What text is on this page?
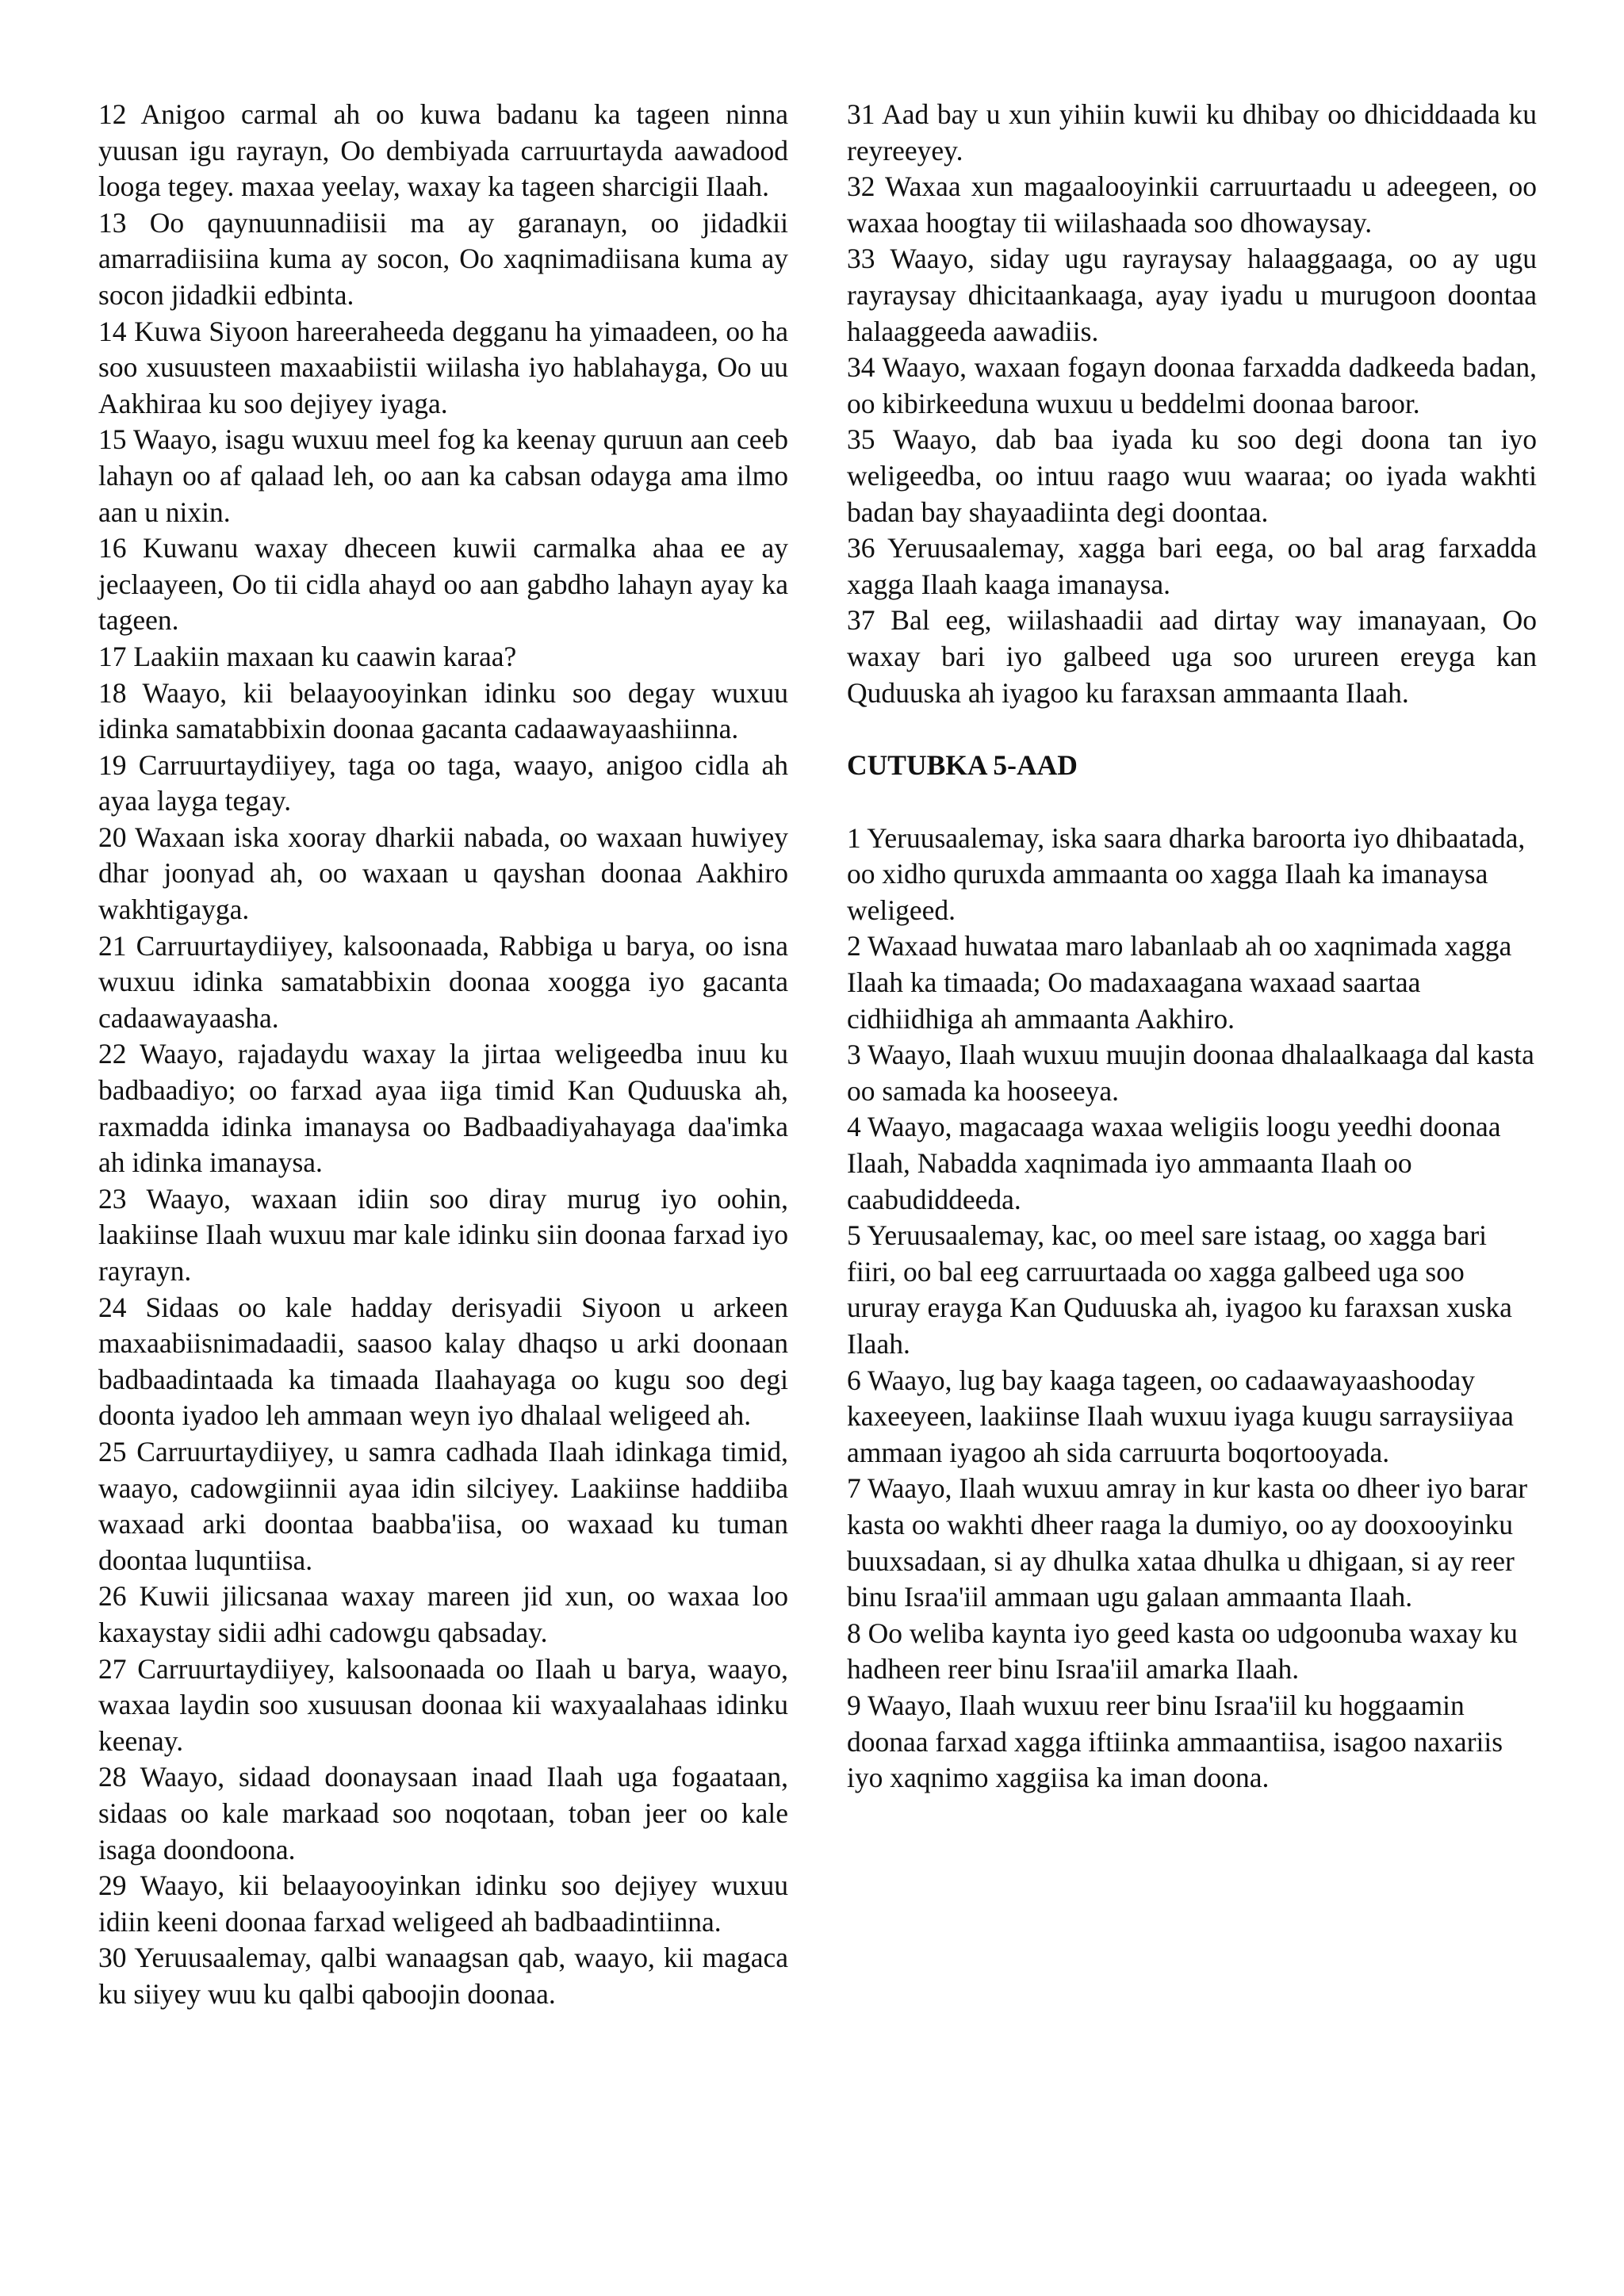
12 Anigoo carmal ah oo kuwa badanu ka tageen ninna yuusan igu rayrayn, Oo dembiyada carruurtayda aawadood looga tegey. maxaa yeelay, waxay ka tageen sharcigii Ilaah.

13 Oo qaynuunnadiisii ma ay garanayn, oo jidadkii amarradiisiina kuma ay socon, Oo xaqnimadiisana kuma ay socon jidadkii edbinta.

14 Kuwa Siyoon hareeraheeda degganu ha yimaadeen, oo ha soo xusuusteen maxaabiistii wiilasha iyo hablahayga, Oo uu Aakhiraa ku soo dejiyey iyaga.

15 Waayo, isagu wuxuu meel fog ka keenay quruun aan ceeb lahayn oo af qalaad leh, oo aan ka cabsan odayga ama ilmo aan u nixin.

16 Kuwanu waxay dheceen kuwii carmalka ahaa ee ay jeclaayeen, Oo tii cidla ahayd oo aan gabdho lahayn ayay ka tageen.

17 Laakiin maxaan ku caawin karaa?

18 Waayo, kii belaayooyinkan idinku soo degay wuxuu idinka samatabbixin doonaa gacanta cadaawayaashiinna.

19 Carruurtaydiiyey, taga oo taga, waayo, anigoo cidla ah ayaa layga tegay.

20 Waxaan iska xooray dharkii nabada, oo waxaan huwiyey dhar joonyad ah, oo waxaan u qayshan doonaa Aakhiro wakhtigayga.

21 Carruurtaydiiyey, kalsoonaada, Rabbiga u barya, oo isna wuxuu idinka samatabbixin doonaa xoogga iyo gacanta cadaawayaasha.

22 Waayo, rajadaydu waxay la jirtaa weligeedba inuu ku badbaadiyo; oo farxad ayaa iiga timid Kan Quduuska ah, raxmadda idinka imanaysa oo Badbaadiyahayaga daa'imka ah idinka imanaysa.

23 Waayo, waxaan idiin soo diray murug iyo oohin, laakiinse Ilaah wuxuu mar kale idinku siin doonaa farxad iyo rayrayn.

24 Sidaas oo kale hadday derisyadii Siyoon u arkeen maxaabiisnimadaadii, saasoo kalay dhaqso u arki doonaan badbaadintaada ka timaada Ilaahayaga oo kugu soo degi doonta iyadoo leh ammaan weyn iyo dhalaal weligeed ah.

25 Carruurtaydiiyey, u samra cadhada Ilaah idinkaga timid, waayo, cadowgiinnii ayaa idin silciyey. Laakiinse haddiiba waxaad arki doontaa baabba'iisa, oo waxaad ku tuman doontaa luquntiisa.

26 Kuwii jilicsanaa waxay mareen jid xun, oo waxaa loo kaxaystay sidii adhi cadowgu qabsaday.

27 Carruurtaydiiyey, kalsoonaada oo Ilaah u barya, waayo, waxaa laydin soo xusuusan doonaa kii waxyaalahaas idinku keenay.

28 Waayo, sidaad doonaysaan inaad Ilaah uga fogaataan, sidaas oo kale markaad soo noqotaan, toban jeer oo kale isaga doondoona.

29 Waayo, kii belaayooyinkan idinku soo dejiyey wuxuu idiin keeni doonaa farxad weligeed ah badbaadintiinna.

30 Yeruusaalemay, qalbi wanaagsan qab, waayo, kii magaca ku siiyey wuu ku qalbi qaboojin doonaa.

31 Aad bay u xun yihiin kuwii ku dhibay oo dhiciddaada ku reyreeyey.

32 Waxaa xun magaalooyinkii carruurtaadu u adeegeen, oo waxaa hoogtay tii wiilashaada soo dhowaysay.

33 Waayo, siday ugu rayraysay halaaggaaga, oo ay ugu rayraysay dhicitaankaaga, ayay iyadu u murugoon doontaa halaaggeeda aawadiis.

34 Waayo, waxaan fogayn doonaa farxadda dadkeeda badan, oo kibirkeeduna wuxuu u beddelmi doonaa baroor.

35 Waayo, dab baa iyada ku soo degi doona tan iyo weligeedba, oo intuu raago wuu waaraa; oo iyada wakhti badan bay shayaadiinta degi doontaa.

36 Yeruusaalemay, xagga bari eega, oo bal arag farxadda xagga Ilaah kaaga imanaysa.

37 Bal eeg, wiilashaadii aad dirtay way imanayaan, Oo waxay bari iyo galbeed uga soo urureen ereyga kan Quduuska ah iyagoo ku faraxsan ammaanta Ilaah.

CUTUBKA 5-AAD

1 Yeruusaalemay, iska saara dharka baroorta iyo dhibaatada, oo xidho quruxda ammaanta oo xagga Ilaah ka imanaysa weligeed.

2 Waxaad huwataa maro labanlaab ah oo xaqnimada xagga Ilaah ka timaada; Oo madaxaagana waxaad saartaa cidhiidhiga ah ammaanta Aakhiro.

3 Waayo, Ilaah wuxuu muujin doonaa dhalaalkaaga dal kasta oo samada ka hooseeya.

4 Waayo, magacaaga waxaa weligiis loogu yeedhi doonaa Ilaah, Nabadda xaqnimada iyo ammaanta Ilaah oo caabudiddeeda.

5 Yeruusaalemay, kac, oo meel sare istaag, oo xagga bari fiiri, oo bal eeg carruurtaada oo xagga galbeed uga soo ururay erayga Kan Quduuska ah, iyagoo ku faraxsan xuska Ilaah.

6 Waayo, lug bay kaaga tageen, oo cadaawayaashooday kaxeeyeen, laakiinse Ilaah wuxuu iyaga kuugu sarraysiiyaa ammaan iyagoo ah sida carruurta boqortooyada.

7 Waayo, Ilaah wuxuu amray in kur kasta oo dheer iyo barar kasta oo wakhti dheer raaga la dumiyo, oo ay dooxooyinku buuxsadaan, si ay dhulka xataa dhulka u dhigaan, si ay reer binu Israa'iil ammaan ugu galaan ammaanta Ilaah.

8 Oo weliba kaynta iyo geed kasta oo udgoonuba waxay ku hadheen reer binu Israa'iil amarka Ilaah.

9 Waayo, Ilaah wuxuu reer binu Israa'iil ku hoggaamin doonaa farxad xagga iftiinka ammaantiisa, isagoo naxariis iyo xaqnimo xaggiisa ka iman doona.
